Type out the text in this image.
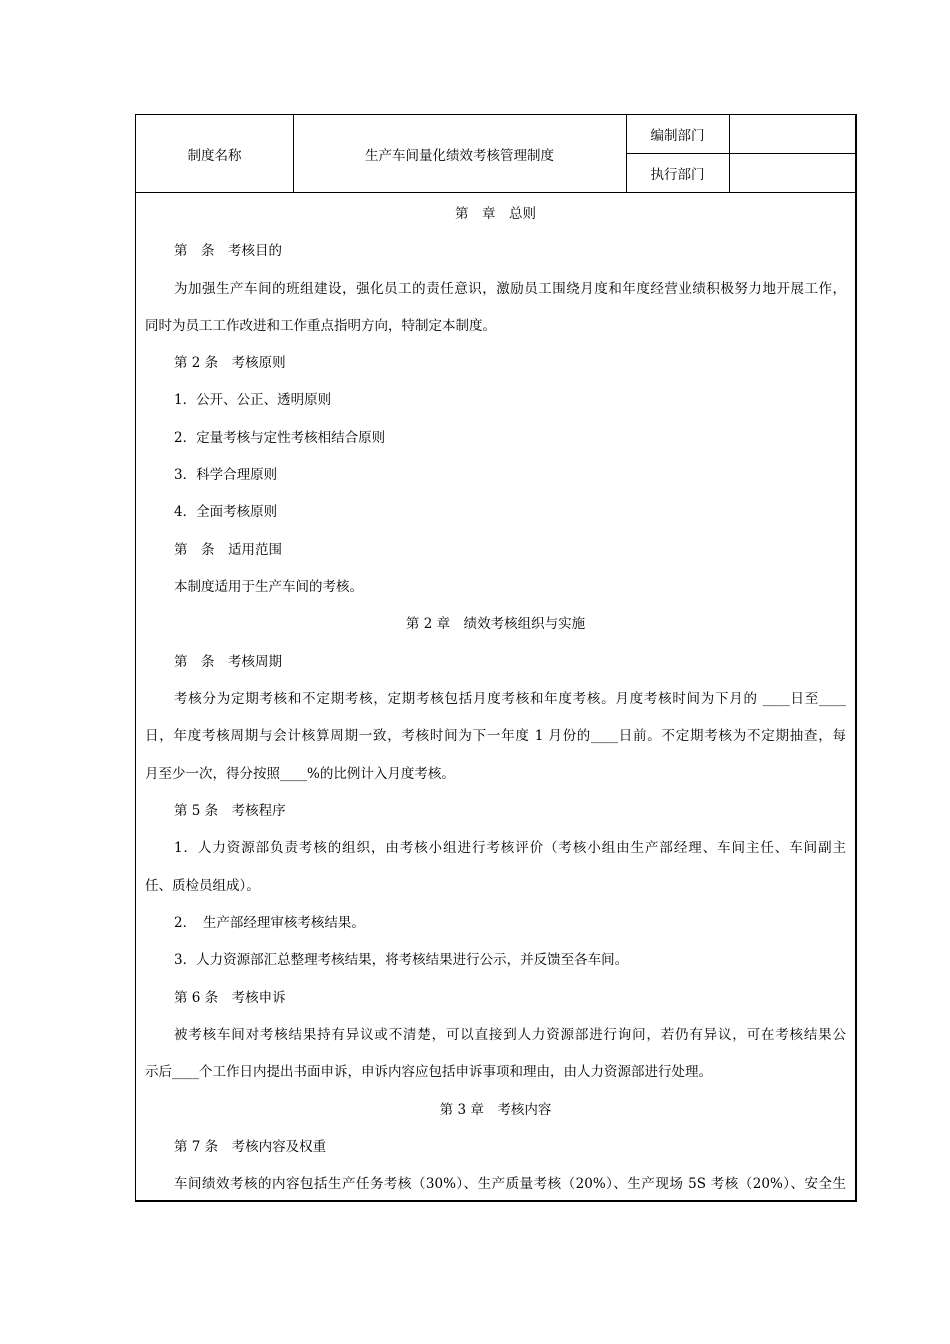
制度名称	生产车间量化绩效考核管理制度
编制部门
执行部门
第　章　总则
第　条　考核目的
为加强生产车间的班组建设，强化员工的责任意识，激励员工围绕月度和年度经营业绩积极努力地开展工作，
同时为员工工作改进和工作重点指明方向，特制定本制度。
第 2 条　考核原则
1．公开、公正、透明原则
2．定量考核与定性考核相结合原则
3．科学合理原则
4．全面考核原则
第　条　适用范围
本制度适用于生产车间的考核。
第 2 章　绩效考核组织与实施
第　条　考核周期
考核分为定期考核和不定期考核，定期考核包括月度考核和年度考核。月度考核时间为下月的 ____日至____
日，年度考核周期与会计核算周期一致，考核时间为下一年度 1 月份的____日前。不定期考核为不定期抽查，每
月至少一次，得分按照____%的比例计入月度考核。
第 5 条　考核程序
1．人力资源部负责考核的组织，由考核小组进行考核评价（考核小组由生产部经理、车间主任、车间副主
任、质检员组成）。
2．　生产部经理审核考核结果。
3．人力资源部汇总整理考核结果，将考核结果进行公示，并反馈至各车间。
第 6 条　考核申诉
被考核车间对考核结果持有异议或不清楚，可以直接到人力资源部进行询问，若仍有异议，可在考核结果公
示后____个工作日内提出书面申诉，申诉内容应包括申诉事项和理由，由人力资源部进行处理。
第 3 章　考核内容
第 7 条　考核内容及权重
车间绩效考核的内容包括生产任务考核（30%）、生产质量考核（20%）、生产现场 5S 考核（20%）、安全生
